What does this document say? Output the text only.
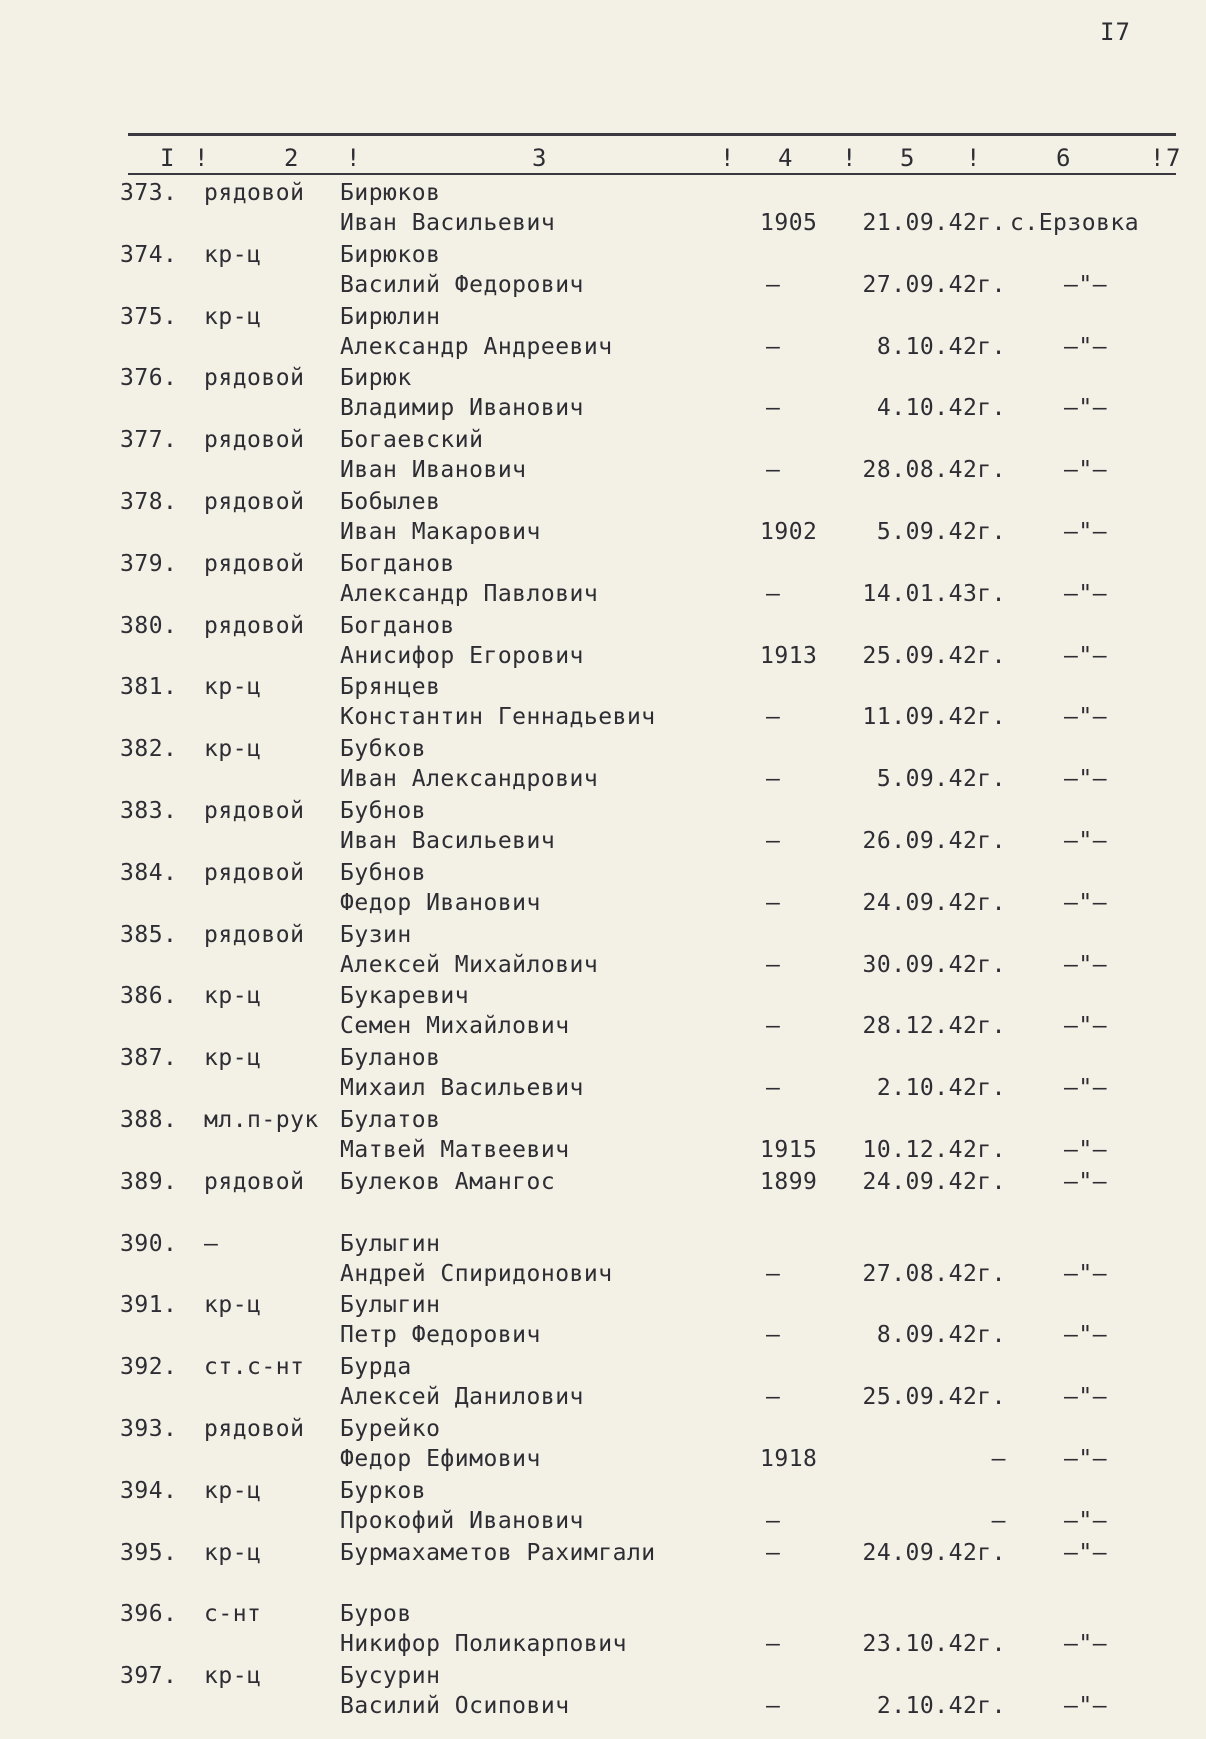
I7
I !	2 !	3	! 4 ! 5 !	6	! 7
373. рядовой Бирюков
Иван Васильевич	1905 21.09.42г. с.Ерзовка
374. кр-ц	Бирюков
Василий Федорович	–	27.09.42г.	–"–
375. кр-ц	Бирюлин
Александр Андреевич	–	8.10.42г.	–"–
376. рядовой Бирюк
Владимир Иванович	–	4.10.42г.	–"–
377. рядовой Богаевский
Иван Иванович	–	28.08.42г.	–"–
378. рядовой Бобылев
Иван Макарович	1902	5.09.42г.	–"–
379. рядовой Богданов
Александр Павлович	–	14.01.43г.	–"–
380. рядовой Богданов
Анисифор Егорович	1913 25.09.42г.	–"–
381. кр-ц	Брянцев
Константин Геннадьевич	–	11.09.42г.	–"–
382. кр-ц	Бубков
Иван Александрович	–	5.09.42г.	–"–
383. рядовой Бубнов
Иван Васильевич	–	26.09.42г.	–"–
384. рядовой Бубнов
Федор Иванович	–	24.09.42г.	–"–
385. рядовой Бузин
Алексей Михайлович	–	30.09.42г.	–"–
386. кр-ц	Букаревич
Семен Михайлович	–	28.12.42г.	–"–
387. кр-ц	Буланов
Михаил Васильевич	–	2.10.42г.	–"–
388. мл.п-рук Булатов
Матвей Матвеевич	1915 10.12.42г.	–"–
389. рядовой Булеков Амангос	1899 24.09.42г.	–"–
390. –	Булыгин
Андрей Спиридонович	–	27.08.42г.	–"–
391. кр-ц	Булыгин
Петр Федорович	–	8.09.42г.	–"–
392. ст.с-нт Бурда
Алексей Данилович	–	25.09.42г.	–"–
393. рядовой Бурейко
Федор Ефимович	1918	–	–"–
394. кр-ц	Бурков
Прокофий Иванович	–	–	–"–
395. кр-ц	Бурмахаметов Рахимгали	–	24.09.42г.	–"–
396. с-нт	Буров
Никифор Поликарпович	–	23.10.42г.	–"–
397. кр-ц	Бусурин
Василий Осипович	–	2.10.42г.	–"–
